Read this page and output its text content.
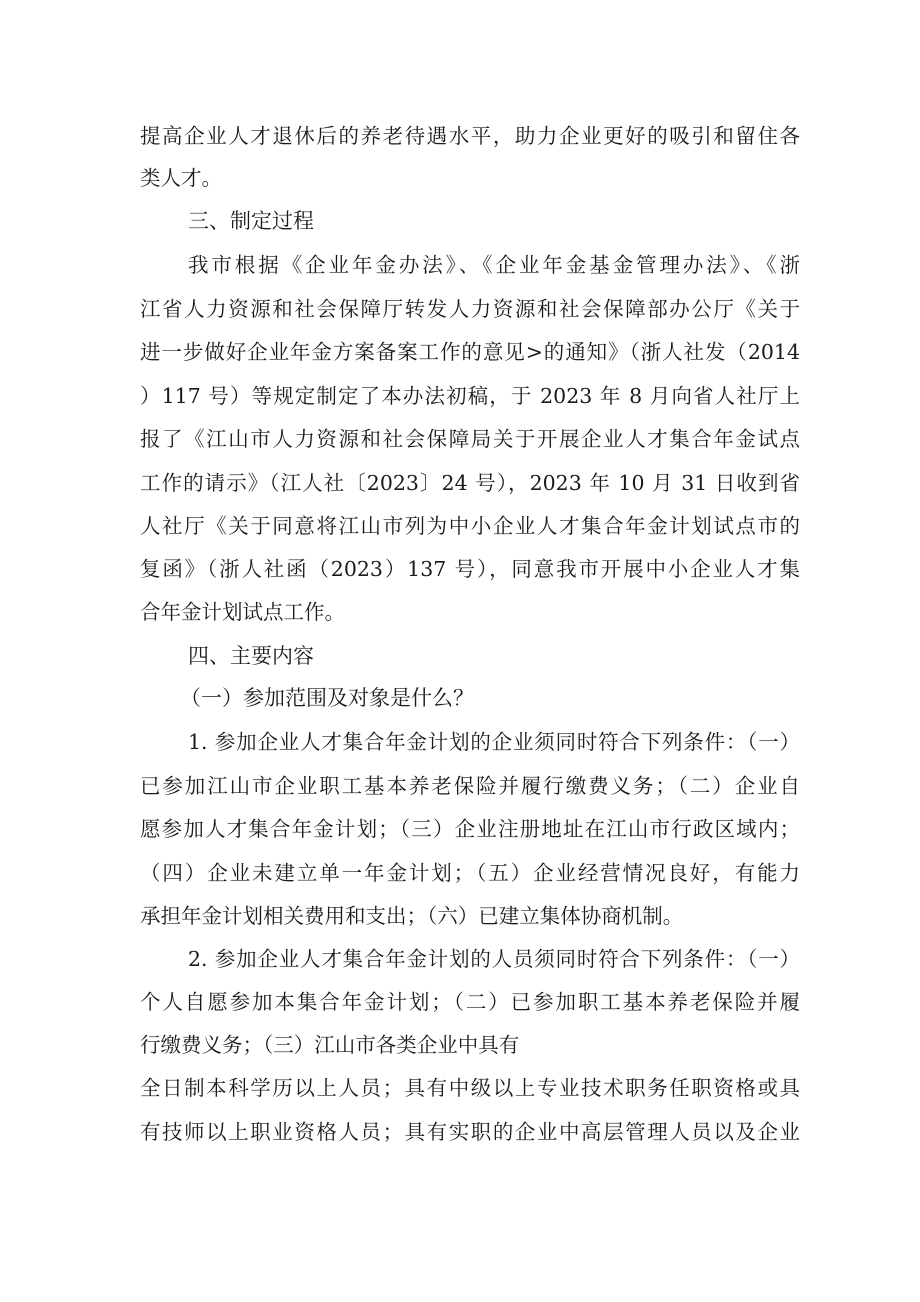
提高企业人才退休后的养老待遇水平，助力企业更好的吸引和留住各
类人才。
三、制定过程
我市根据《企业年金办法》、《企业年金基金管理办法》、《浙
江省人力资源和社会保障厅转发人力资源和社会保障部办公厅《关于
进一步做好企业年金方案备案工作的意见>的通知》（浙人社发（2014
）117 号）等规定制定了本办法初稿，于 2023 年 8 月向省人社厅上
报了《江山市人力资源和社会保障局关于开展企业人才集合年金试点
工作的请示》（江人社〔2023〕24 号），2023 年 10 月 31 日收到省
人社厅《关于同意将江山市列为中小企业人才集合年金计划试点市的
复函》（浙人社函（2023）137 号），同意我市开展中小企业人才集
合年金计划试点工作。
四、主要内容
（一）参加范围及对象是什么？
1. 参加企业人才集合年金计划的企业须同时符合下列条件：（一）
已参加江山市企业职工基本养老保险并履行缴费义务；（二）企业自
愿参加人才集合年金计划；（三）企业注册地址在江山市行政区域内；
（四）企业未建立单一年金计划；（五）企业经营情况良好，有能力
承担年金计划相关费用和支出；（六）已建立集体协商机制。
2. 参加企业人才集合年金计划的人员须同时符合下列条件：（一）
个人自愿参加本集合年金计划；（二）已参加职工基本养老保险并履
行缴费义务；（三）江山市各类企业中具有
全日制本科学历以上人员；具有中级以上专业技术职务任职资格或具
有技师以上职业资格人员；具有实职的企业中高层管理人员以及企业
